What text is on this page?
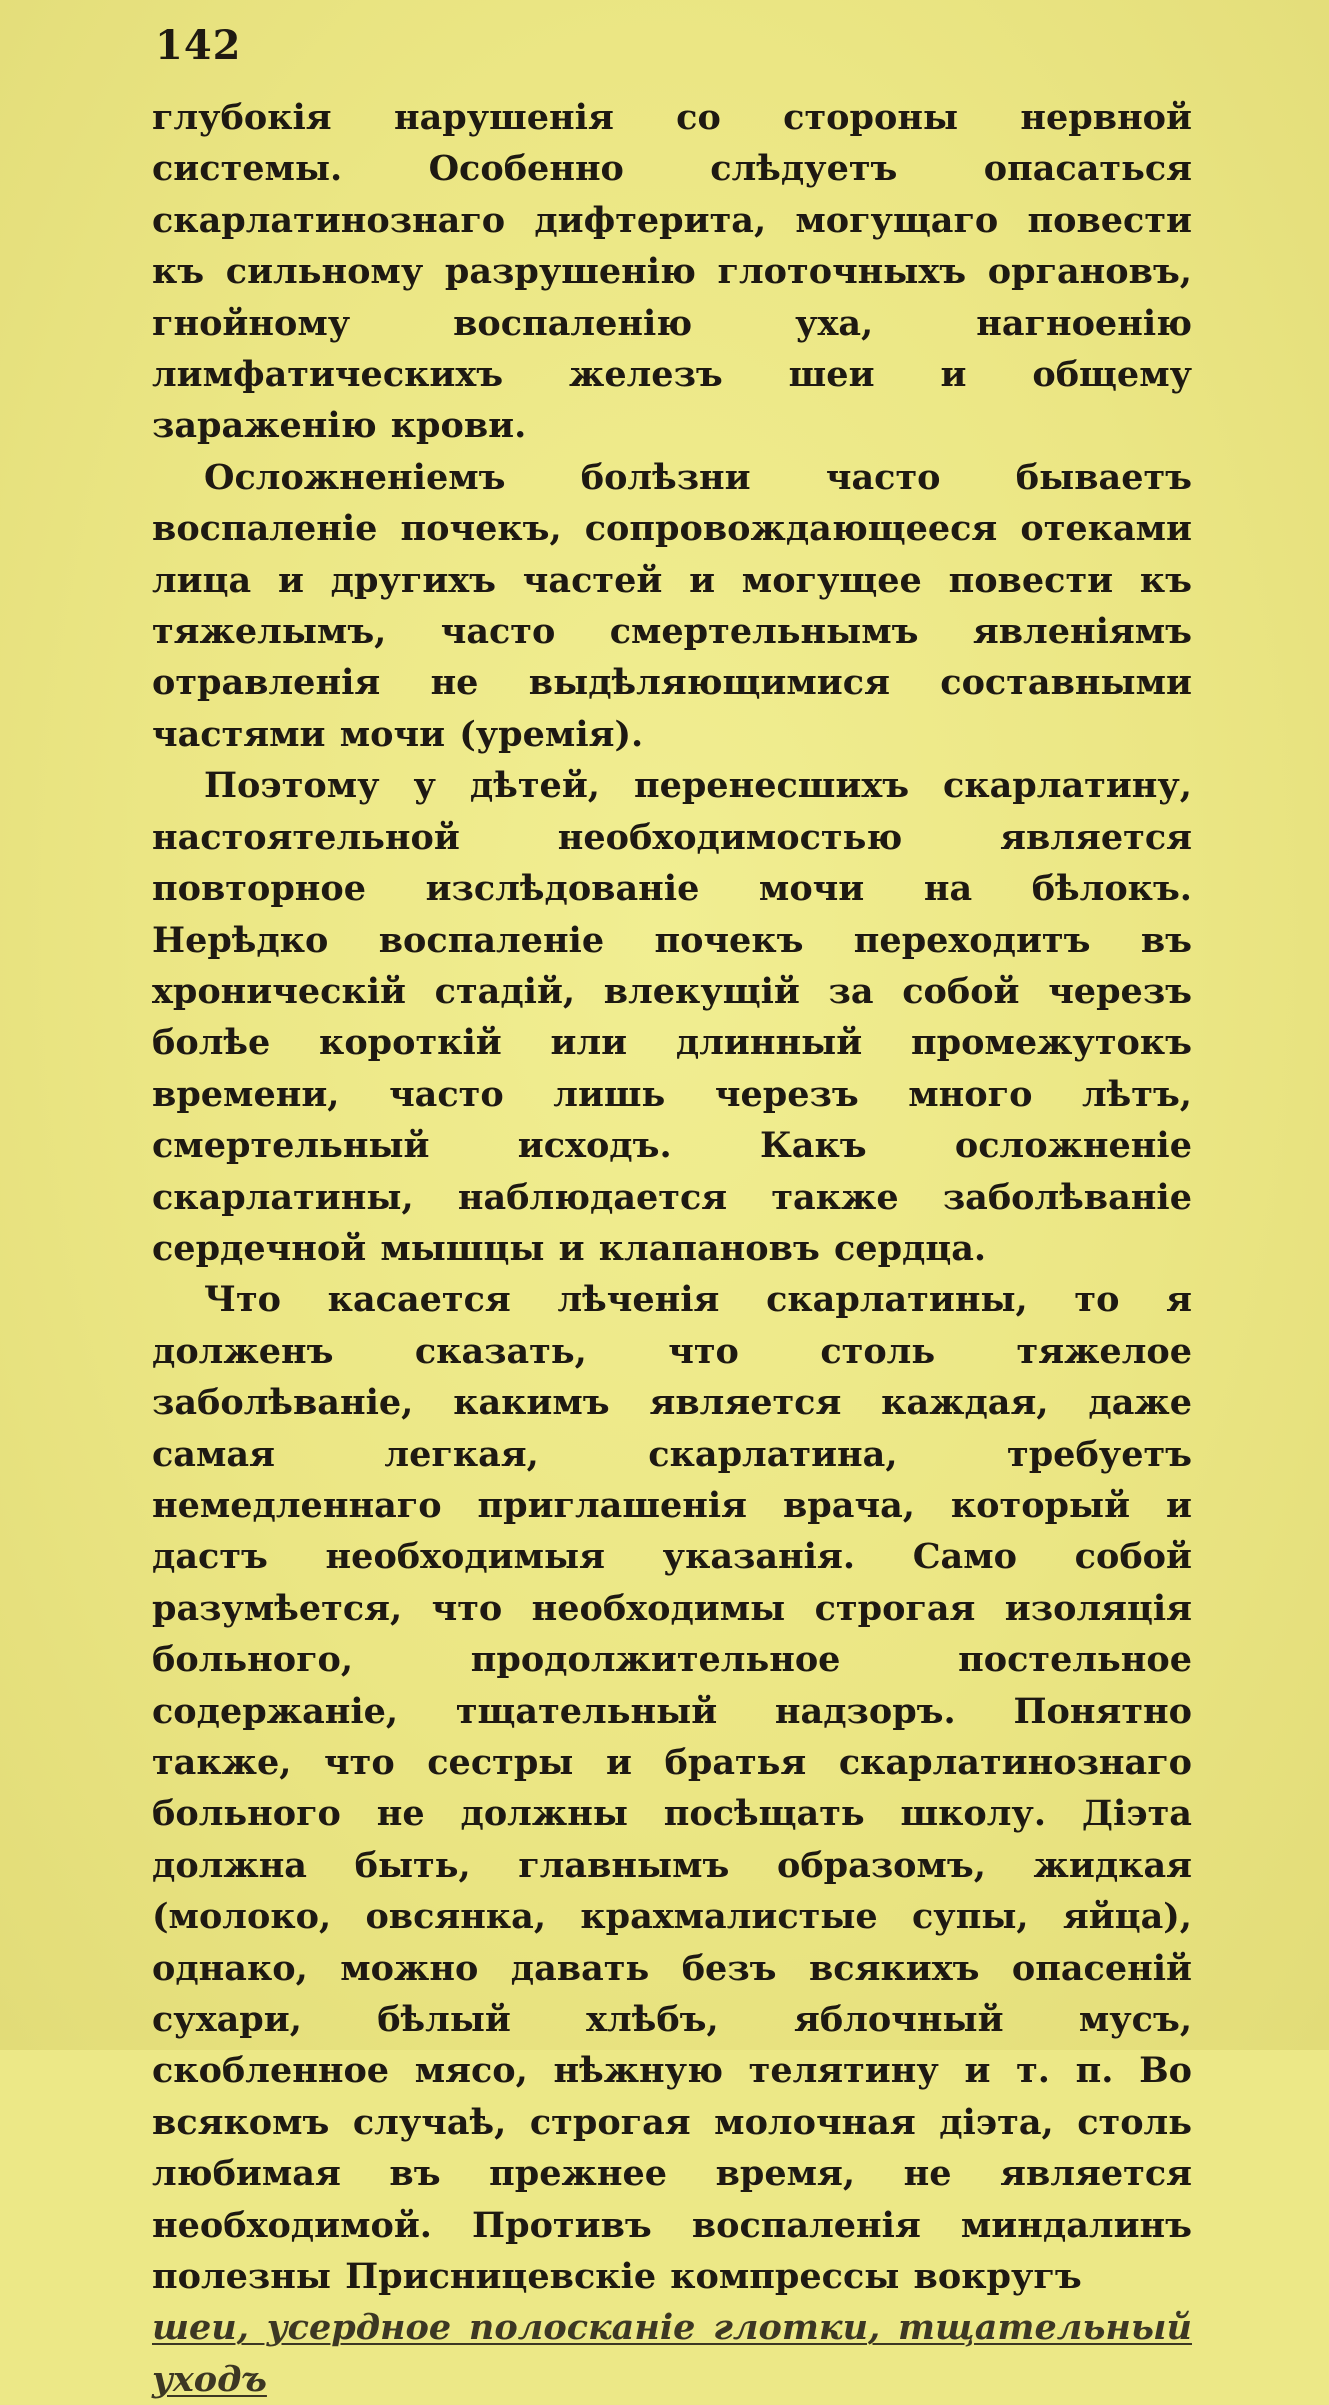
142

глубокія нарушенія со стороны нервной системы. Особенно слѣдуетъ опасаться скарлатинознаго дифтерита, могущаго повести къ сильному разрушенію глоточныхъ органовъ, гнойному воспаленію уха, нагноенію лимфатическихъ железъ шеи и общему зараженію крови.

Осложненіемъ болѣзни часто бываетъ воспаленіе почекъ, сопровождающееся отеками лица и другихъ частей и могущее повести къ тяжелымъ, часто смертельнымъ явленіямъ отравленія не выдѣляющимися составными частями мочи (уремія).

Поэтому у дѣтей, перенесшихъ скарлатину, настоятельной необходимостью является повторное изслѣдованіе мочи на бѣлокъ. Нерѣдко воспаленіе почекъ переходитъ въ хроническій стадій, влекущій за собой черезъ болѣе короткій или длинный промежутокъ времени, часто лишь черезъ много лѣтъ, смертельный исходъ. Какъ осложненіе скарлатины, наблюдается также заболѣваніе сердечной мышцы и клапановъ сердца.

Что касается лѣченія скарлатины, то я долженъ сказать, что столь тяжелое заболѣваніе, какимъ является каждая, даже самая легкая, скарлатина, требуетъ немедленнаго приглашенія врача, который и дастъ необходимыя указанія. Само собой разумѣется, что необходимы строгая изоляція больного, продолжительное постельное содержаніе, тщательный надзоръ. Понятно также, что сестры и братья скарлатинознаго больного не должны посѣщать школу. Діэта должна быть, главнымъ образомъ, жидкая (молоко, овсянка, крахмалистые супы, яйца), однако, можно давать безъ всякихъ опасеній сухари, бѣлый хлѣбъ, яблочный мусъ, скобленное мясо, нѣжную телятину и т. п. Во всякомъ случаѣ, строгая молочная діэта, столь любимая въ прежнее время, не является необходимой. Противъ воспаленія миндалинъ полезны Присницевскіе компрессы вокругъ

шеи, усердное полосканіе глотки, тщательный уходъ
